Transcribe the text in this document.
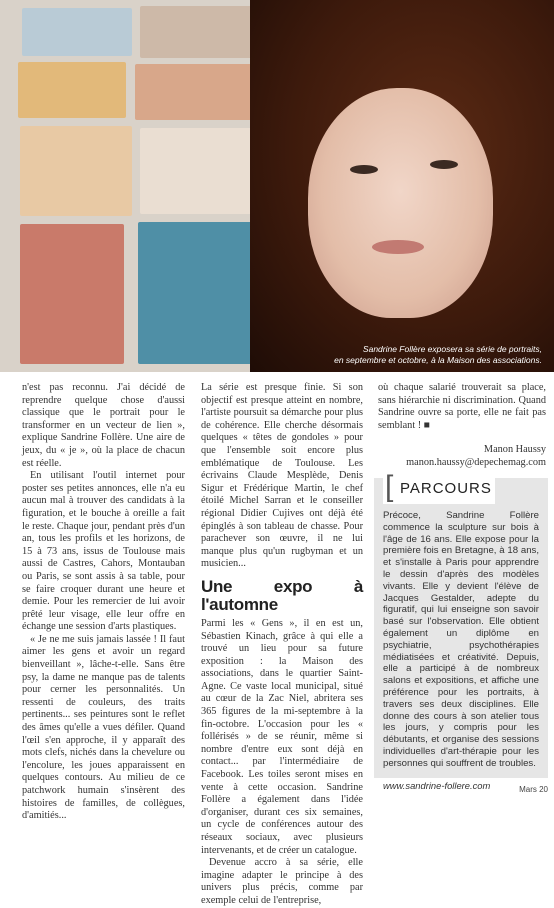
Sandrine Follère exposera sa série de portraits,
en septembre et octobre, à la Maison des associations.

n'est pas reconnu. J'ai décidé de reprendre quelque chose d'aussi classique que le portrait pour le transformer en un vecteur de lien », explique Sandrine Follère. Une aire de jeux, du « je », où la place de chacun est réelle.

En utilisant l'outil internet pour poster ses petites annonces, elle n'a eu aucun mal à trouver des candidats à la figuration, et le bouche à oreille a fait le reste. Chaque jour, pendant près d'un an, tous les profils et les horizons, de 15 à 73 ans, issus de Toulouse mais aussi de Castres, Cahors, Montauban ou Paris, se sont assis à sa table, pour se faire croquer durant une heure et demie. Pour les remercier de lui avoir prêté leur visage, elle leur offre en échange une session d'arts plastiques.

« Je ne me suis jamais lassée ! Il faut aimer les gens et avoir un regard bienveillant », lâche-t-elle. Sans être psy, la dame ne manque pas de talents pour cerner les personnalités. Un ressenti de couleurs, des traits pertinents... ses peintures sont le reflet des âmes qu'elle a vues défiler. Quand l'œil s'en approche, il y apparaît des mots clefs, nichés dans la chevelure ou l'encolure, les joues apparaissent en quelques contours. Au milieu de ce patchwork humain s'insèrent des histoires de familles, de collègues, d'amitiés...

La série est presque finie. Si son objectif est presque atteint en nombre, l'artiste poursuit sa démarche pour plus de cohérence. Elle cherche désormais quelques « têtes de gondoles » pour que l'ensemble soit encore plus emblématique de Toulouse. Les écrivains Claude Mesplède, Denis Sigur et Frédérique Martin, le chef étoilé Michel Sarran et le conseiller régional Didier Cujives ont déjà été épinglés à son tableau de chasse. Pour parachever son œuvre, il ne lui manque plus qu'un rugbyman et un musicien...

Une expo à l'automne

Parmi les « Gens », il en est un, Sébastien Kinach, grâce à qui elle a trouvé un lieu pour sa future exposition : la Maison des associations, dans le quartier Saint-Agne. Ce vaste local municipal, situé au cœur de la Zac Niel, abritera ses 365 figures de la mi-septembre à la fin-octobre. L'occasion pour les « follérisés » de se réunir, même si nombre d'entre eux sont déjà en contact... par l'intermédiaire de Facebook. Les toiles seront mises en vente à cette occasion. Sandrine Follère a également dans l'idée d'organiser, durant ces six semaines, un cycle de conférences autour des réseaux sociaux, avec plusieurs intervenants, et de créer un catalogue.

Devenue accro à sa série, elle imagine adapter le principe à des univers plus précis, comme par exemple celui de l'entreprise,

où chaque salarié trouverait sa place, sans hiérarchie ni discrimination. Quand Sandrine ouvre sa porte, elle ne fait pas semblant ! ■

Manon Haussy
manon.haussy@depechemag.com
[ PARCOURS
Précoce, Sandrine Follère commence la sculpture sur bois à l'âge de 16 ans. Elle expose pour la première fois en Bretagne, à 18 ans, et s'installe à Paris pour apprendre le dessin d'après des modèles vivants. Elle y devient l'élève de Jacques Gestalder, adepte du figuratif, qui lui enseigne son savoir basé sur l'observation. Elle obtient également un diplôme en psychiatrie, psychothérapies médiatisées et créativité. Depuis, elle a participé à de nombreux salons et expositions, et affiche une préférence pour les portraits, à travers ses deux disciplines. Elle donne des cours à son atelier tous les jours, y compris pour les débutants, et organise des sessions individuelles d'art-thérapie pour les personnes qui souffrent de troubles.
www.sandrine-follere.com	Mars 20
